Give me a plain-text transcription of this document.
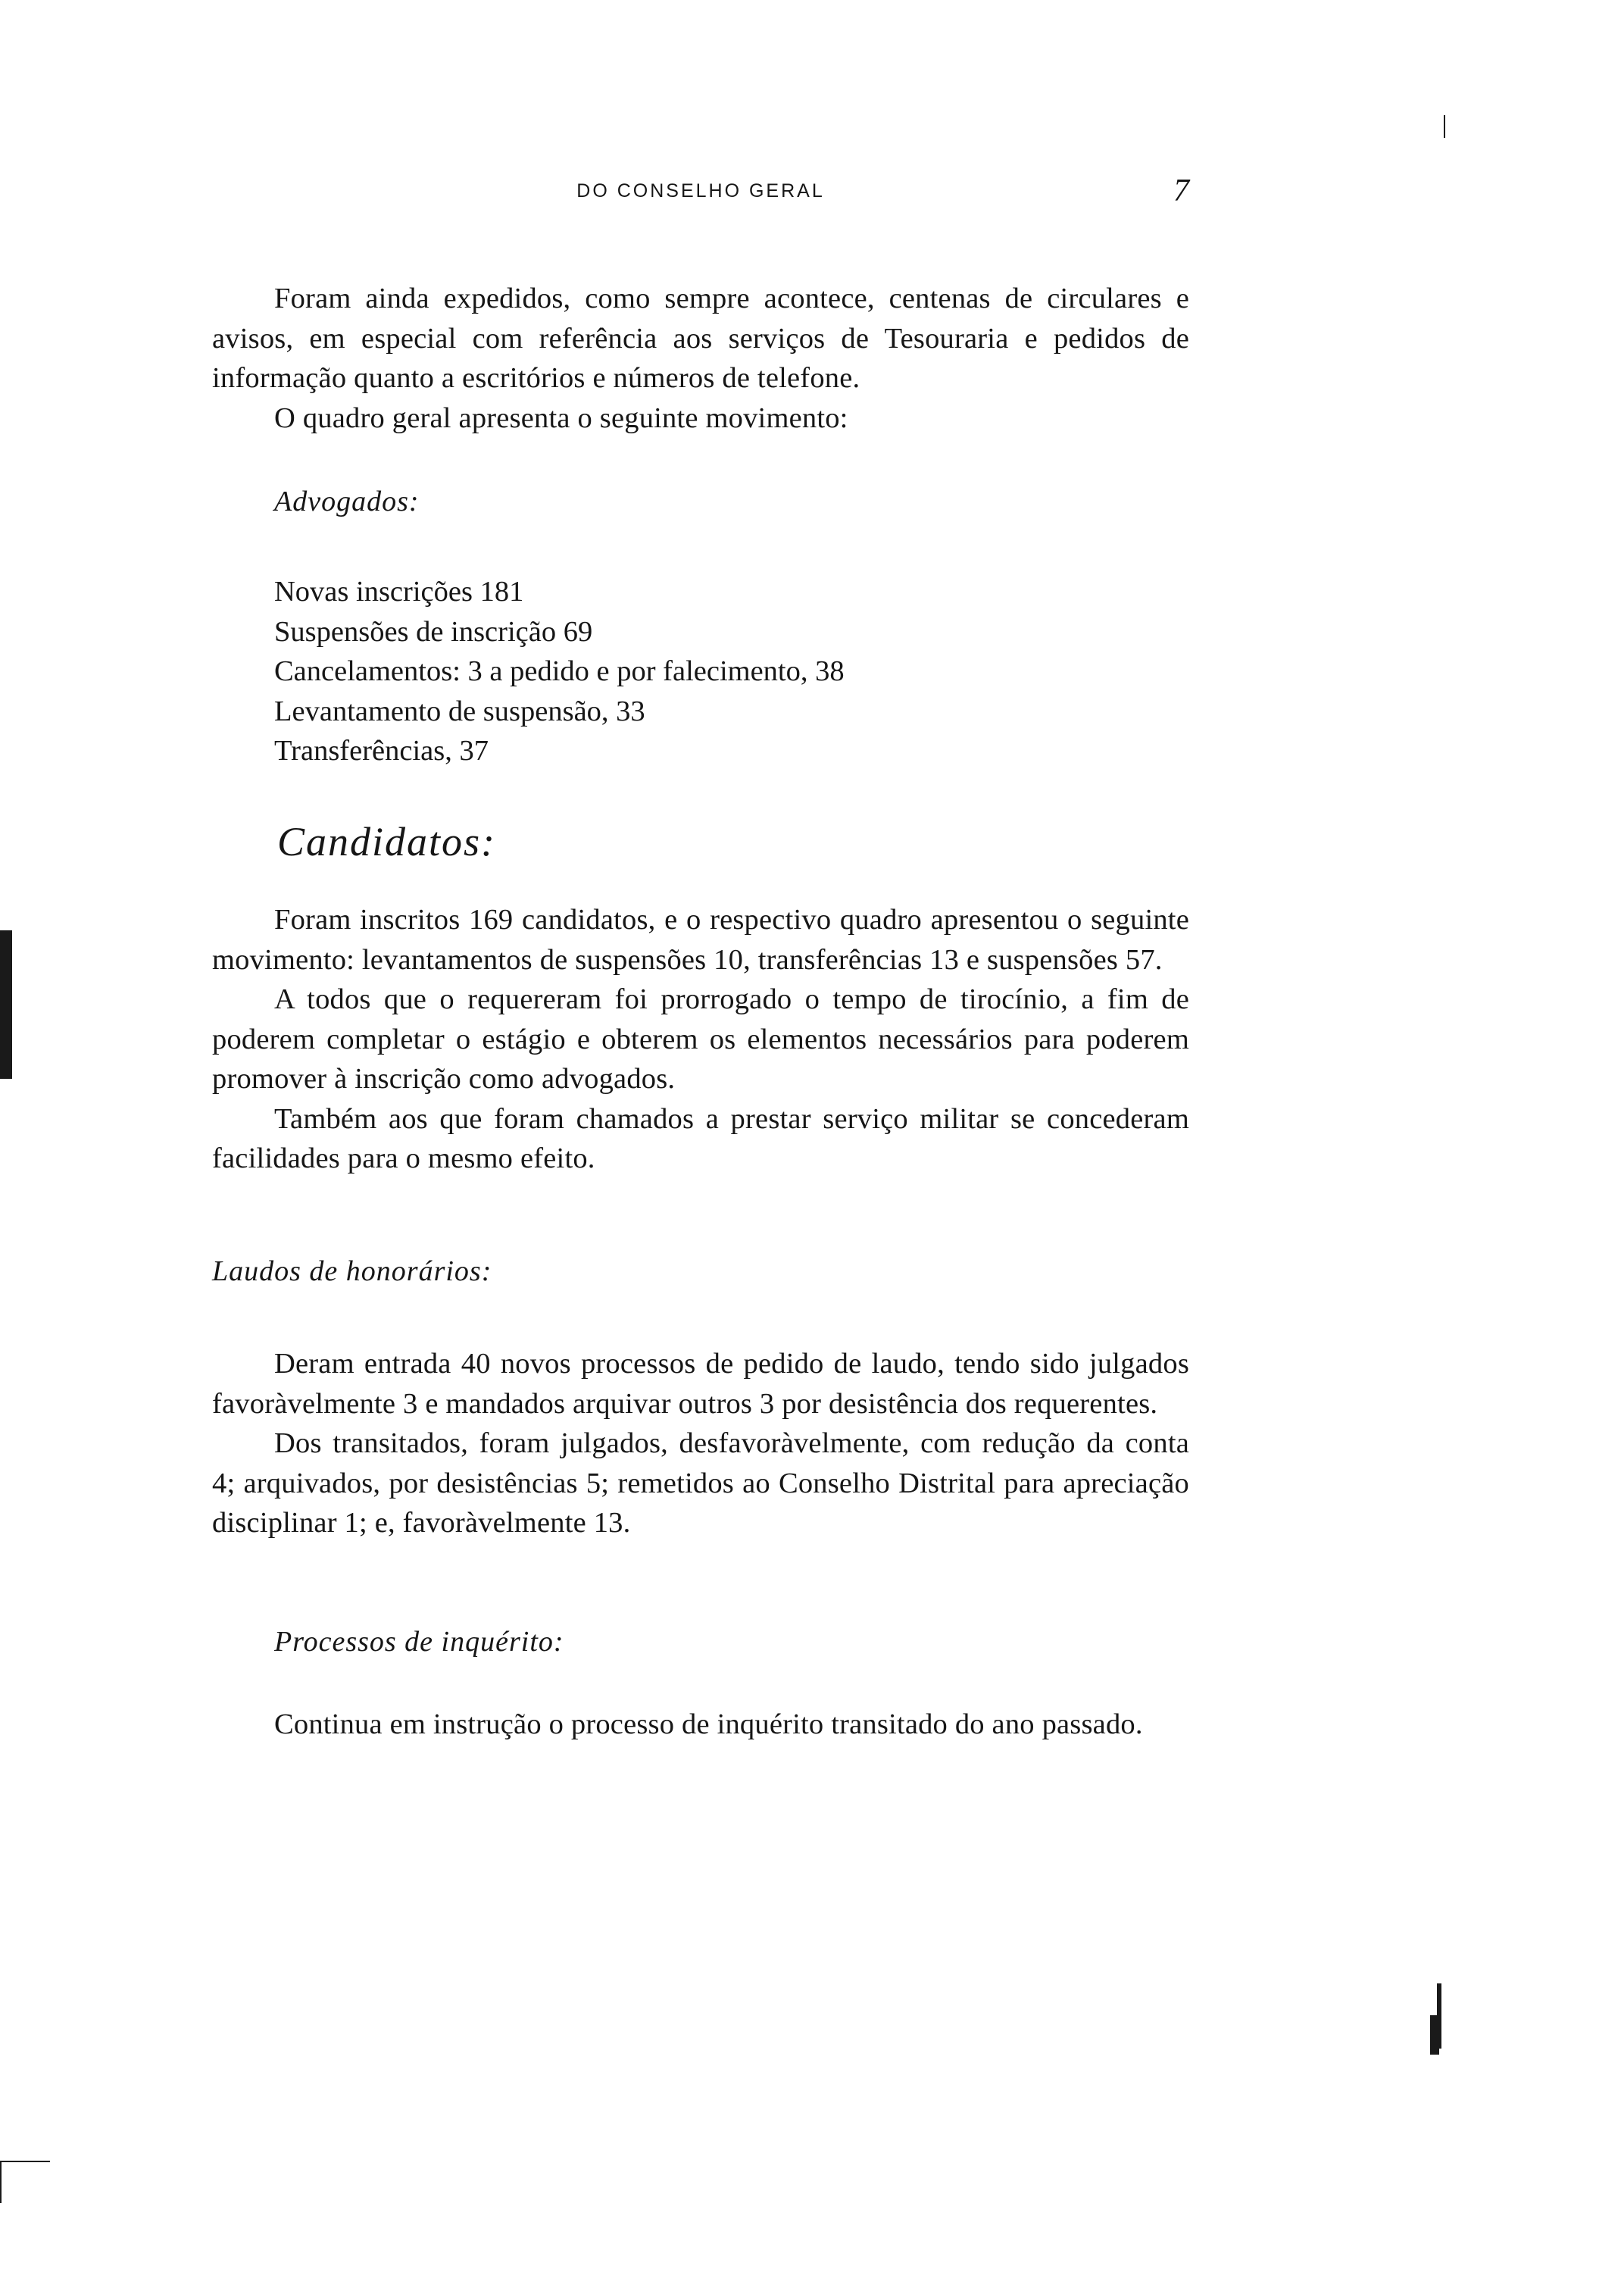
DO CONSELHO GERAL	7

Foram ainda expedidos, como sempre acontece, centenas de circulares e avisos, em especial com referência aos serviços de Tesouraria e pedidos de informação quanto a escritórios e números de telefone.

O quadro geral apresenta o seguinte movimento:

Advogados:
Novas inscrições 181
Suspensões de inscrição 69
Cancelamentos: 3 a pedido e por falecimento, 38
Levantamento de suspensão, 33
Transferências, 37
Candidatos:

Foram inscritos 169 candidatos, e o respectivo quadro apresentou o seguinte movimento: levantamentos de suspensões 10, transferências 13 e suspensões 57.

A todos que o requereram foi prorrogado o tempo de tirocínio, a fim de poderem completar o estágio e obterem os elementos necessários para poderem promover à inscrição como advogados.

Também aos que foram chamados a prestar serviço militar se concederam facilidades para o mesmo efeito.

Laudos de honorários:

Deram entrada 40 novos processos de pedido de laudo, tendo sido julgados favoràvelmente 3 e mandados arquivar outros 3 por desistência dos requerentes.

Dos transitados, foram julgados, desfavoràvelmente, com redução da conta 4; arquivados, por desistências 5; remetidos ao Conselho Distrital para apreciação disciplinar 1; e, favoràvelmente 13.

Processos de inquérito:

Continua em instrução o processo de inquérito transitado do ano passado.
